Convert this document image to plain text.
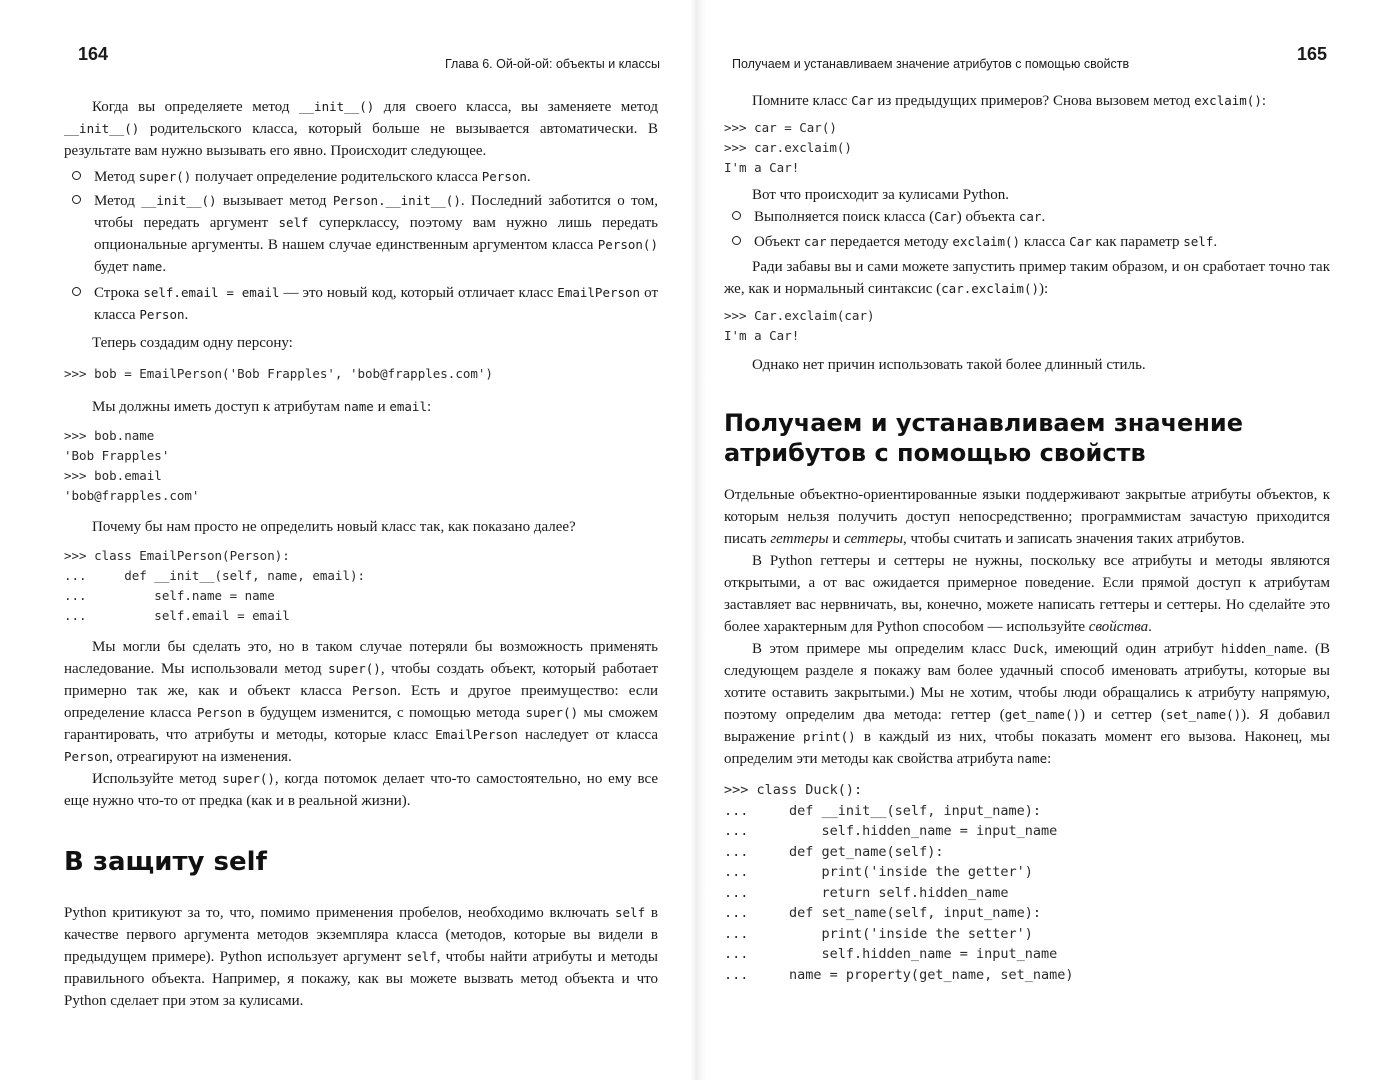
164	Глава 6. Ой-ой-ой: объекты и классы

Когда вы определяете метод __init__() для своего класса, вы заменяете метод __init__() родительского класса, который больше не вызывается автоматически. В результате вам нужно вызывать его явно. Происходит следующее.

Метод super() получает определение родительского класса Person.
Метод __init__() вызывает метод Person.__init__(). Последний заботится о том, чтобы передать аргумент self суперклассу, поэтому вам нужно лишь передать опциональные аргументы. В нашем случае единственным аргументом класса Person() будет name.
Строка self.email = email — это новый код, который отличает класс EmailPerson от класса Person.

Теперь создадим одну персону:

>>> bob = EmailPerson('Bob Frapples', 'bob@frapples.com')

Мы должны иметь доступ к атрибутам name и email:

>>> bob.name
'Bob Frapples'
>>> bob.email
'bob@frapples.com'

Почему бы нам просто не определить новый класс так, как показано далее?

>>> class EmailPerson(Person):
...     def __init__(self, name, email):
...         self.name = name
...         self.email = email

Мы могли бы сделать это, но в таком случае потеряли бы возможность применять наследование. Мы использовали метод super(), чтобы создать объект, который работает примерно так же, как и объект класса Person. Есть и другое преимущество: если определение класса Person в будущем изменится, с помощью метода super() мы сможем гарантировать, что атрибуты и методы, которые класс EmailPerson наследует от класса Person, отреагируют на изменения.

Используйте метод super(), когда потомок делает что-то самостоятельно, но ему все еще нужно что-то от предка (как и в реальной жизни).

В защиту self

Python критикуют за то, что, помимо применения пробелов, необходимо включать self в качестве первого аргумента методов экземпляра класса (методов, которые вы видели в предыдущем примере). Python использует аргумент self, чтобы найти атрибуты и методы правильного объекта. Например, я покажу, как вы можете вызвать метод объекта и что Python сделает при этом за кулисами.

Получаем и устанавливаем значение атрибутов с помощью свойств	165

Помните класс Car из предыдущих примеров? Снова вызовем метод exclaim():

>>> car = Car()
>>> car.exclaim()
I'm a Car!

Вот что происходит за кулисами Python.

Выполняется поиск класса (Car) объекта car.
Объект car передается методу exclaim() класса Car как параметр self.

Ради забавы вы и сами можете запустить пример таким образом, и он сработает точно так же, как и нормальный синтаксис (car.exclaim()):

>>> Car.exclaim(car)
I'm a Car!

Однако нет причин использовать такой более длинный стиль.

Получаем и устанавливаем значение атрибутов с помощью свойств

Отдельные объектно-ориентированные языки поддерживают закрытые атрибуты объектов, к которым нельзя получить доступ непосредственно; программистам зачастую приходится писать геттеры и сеттеры, чтобы считать и записать значения таких атрибутов.

В Python геттеры и сеттеры не нужны, поскольку все атрибуты и методы являются открытыми, а от вас ожидается примерное поведение. Если прямой доступ к атрибутам заставляет вас нервничать, вы, конечно, можете написать геттеры и сеттеры. Но сделайте это более характерным для Python способом — используйте свойства.

В этом примере мы определим класс Duck, имеющий один атрибут hidden_name. (В следующем разделе я покажу вам более удачный способ именовать атрибуты, которые вы хотите оставить закрытыми.) Мы не хотим, чтобы люди обращались к атрибуту напрямую, поэтому определим два метода: геттер (get_name()) и сеттер (set_name()). Я добавил выражение print() в каждый из них, чтобы показать момент его вызова. Наконец, мы определим эти методы как свойства атрибута name:

>>> class Duck():
...     def __init__(self, input_name):
...         self.hidden_name = input_name
...     def get_name(self):
...         print('inside the getter')
...         return self.hidden_name
...     def set_name(self, input_name):
...         print('inside the setter')
...         self.hidden_name = input_name
...     name = property(get_name, set_name)
